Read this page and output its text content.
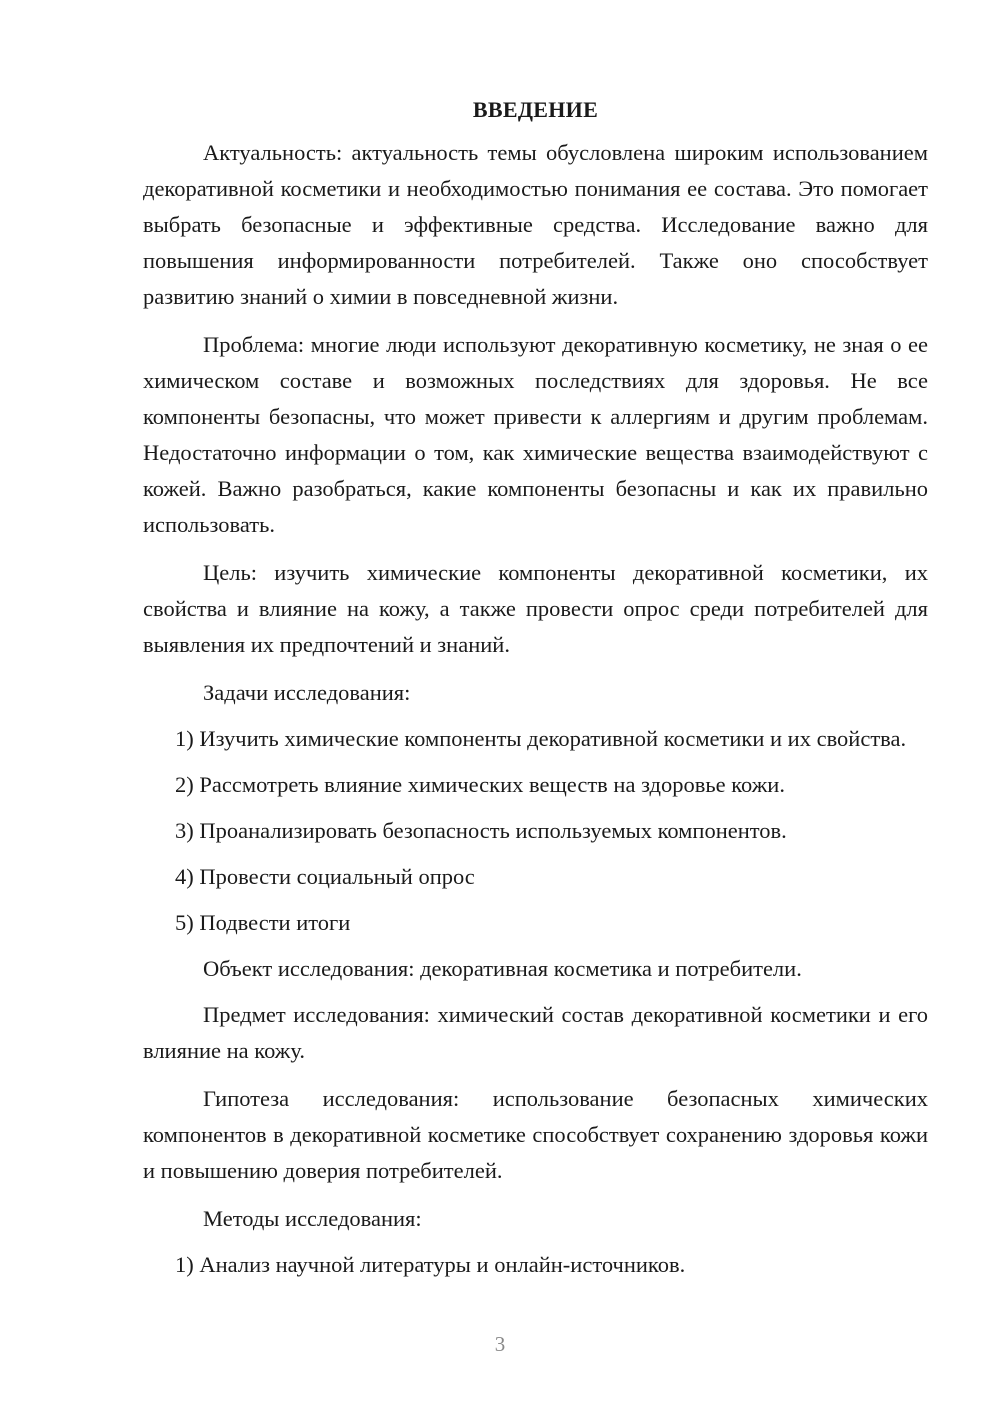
ВВЕДЕНИЕ

Актуальность: актуальность темы обусловлена широким использованием декоративной косметики и необходимостью понимания ее состава. Это помогает выбрать безопасные и эффективные средства. Исследование важно для повышения информированности потребителей. Также оно способствует развитию знаний о химии в повседневной жизни.

Проблема: многие люди используют декоративную косметику, не зная о ее химическом составе и возможных последствиях для здоровья. Не все компоненты безопасны, что может привести к аллергиям и другим проблемам. Недостаточно информации о том, как химические вещества взаимодействуют с кожей. Важно разобраться, какие компоненты безопасны и как их правильно использовать.

Цель: изучить химические компоненты декоративной косметики, их свойства и влияние на кожу, а также провести опрос среди потребителей для выявления их предпочтений и знаний.

Задачи исследования:

1) Изучить химические компоненты декоративной косметики и их свойства.

2) Рассмотреть влияние химических веществ на здоровье кожи.

3) Проанализировать безопасность используемых компонентов.

4) Провести социальный опрос

5) Подвести итоги

Объект исследования: декоративная косметика и потребители.

Предмет исследования: химический состав декоративной косметики и его влияние на кожу.

Гипотеза исследования: использование безопасных химических компонентов в декоративной косметике способствует сохранению здоровья кожи и повышению доверия потребителей.

Методы исследования:

1) Анализ научной литературы и онлайн-источников.

3
